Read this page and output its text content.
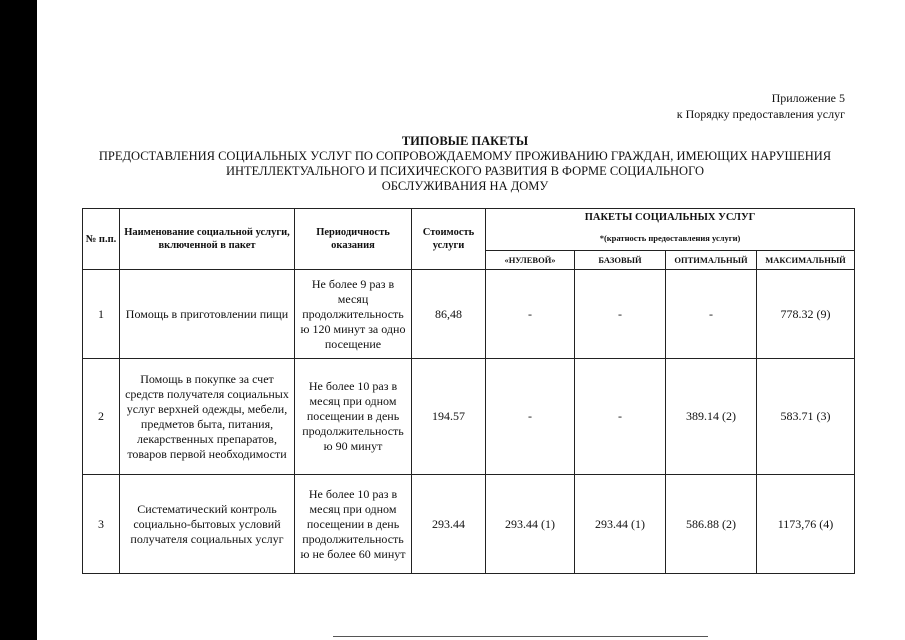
Приложение 5
к Порядку предоставления услуг
ТИПОВЫЕ ПАКЕТЫ
ПРЕДОСТАВЛЕНИЯ СОЦИАЛЬНЫХ УСЛУГ ПО СОПРОВОЖДАЕМОМУ ПРОЖИВАНИЮ ГРАЖДАН, ИМЕЮЩИХ НАРУШЕНИЯ
ИНТЕЛЛЕКТУАЛЬНОГО И ПСИХИЧЕСКОГО РАЗВИТИЯ В ФОРМЕ СОЦИАЛЬНОГО
ОБСЛУЖИВАНИЯ НА ДОМУ
№ п.п.	Наименование социальной услуги, включенной в пакет	Периодичность оказания	Стоимость услуги	ПАКЕТЫ СОЦИАЛЬНЫХ УСЛУГ
*(кратность предоставления услуги)			

				«НУЛЕВОЙ»	БАЗОВЫЙ	ОПТИМАЛЬНЫЙ	МАКСИМАЛЬНЫЙ
1	Помощь в приготовлении пищи	Не более 9 раз в месяц продолжительность ю 120 минут за одно посещение	86,48	-	-	-	778.32 (9)
2	Помощь в покупке за счет средств получателя социальных услуг верхней одежды, мебели, предметов быта, питания, лекарственных препаратов, товаров первой необходимости	Не более 10 раз в месяц при одном посещении в день продолжительность ю 90 минут	194.57	-	-	389.14 (2)	583.71 (3)
3	Систематический контроль социально-бытовых условий получателя социальных услуг	Не более 10 раз в месяц при одном посещении в день продолжительность ю не более 60 минут	293.44	293.44 (1)	293.44 (1)	586.88 (2)	1173,76 (4)
